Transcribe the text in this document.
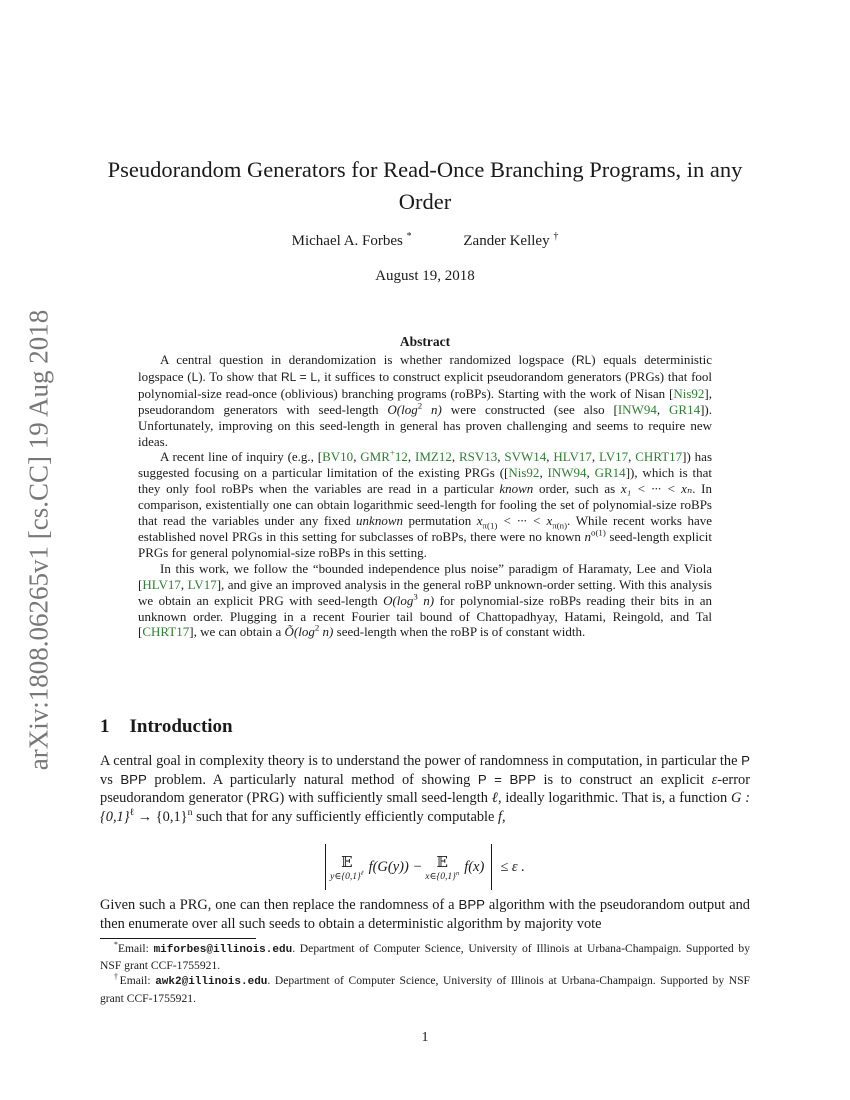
arXiv:1808.06265v1 [cs.CC] 19 Aug 2018
Pseudorandom Generators for Read-Once Branching Programs, in any Order
Michael A. Forbes *	Zander Kelley †
August 19, 2018
Abstract

A central question in derandomization is whether randomized logspace (RL) equals deterministic logspace (L). To show that RL = L, it suffices to construct explicit pseudorandom generators (PRGs) that fool polynomial-size read-once (oblivious) branching programs (roBPs). Starting with the work of Nisan [Nis92], pseudorandom generators with seed-length $O(\log^2$ n) were constructed (see also [INW94, GR14]). Unfortunately, improving on this seed-length in general has proven challenging and seems to require new ideas.

A recent line of inquiry (e.g., [BV10, GMR+12, IMZ12, RSV13, SVW14, HLV17, LV17, CHRT17]) has suggested focusing on a particular limitation of the existing PRGs ([Nis92, INW94, GR14]), which is that they only fool roBPs when the variables are read in a particular known order, such as x₁ < ··· < xₙ. In comparison, existentially one can obtain logarithmic seed-length for fooling the set of polynomial-size roBPs that read the variables under any fixed unknown permutation $x_{\pi(1)}$ < ··· < $x_{\pi(n)}$. While recent works have established novel PRGs in this setting for subclasses of roBPs, there were no known $n^{o(1)}$ seed-length explicit PRGs for general polynomial-size roBPs in this setting.

In this work, we follow the “bounded independence plus noise” paradigm of Haramaty, Lee and Viola [HLV17, LV17], and give an improved analysis in the general roBP unknown-order setting. With this analysis we obtain an explicit PRG with seed-length $O(\log^3$ n) for polynomial-size roBPs reading their bits in an unknown order. Plugging in a recent Fourier tail bound of Chattopadhyay, Hatami, Reingold, and Tal [CHRT17], we can obtain a $Õ(\log^2$ n) seed-length when the roBP is of constant width.

1 Introduction

A central goal in complexity theory is to understand the power of randomness in computation, in particular the P vs BPP problem. A particularly natural method of showing P = BPP is to construct an explicit ε-error pseudorandom generator (PRG) with sufficiently small seed-length ℓ, ideally logarithmic. That is, a function G : $\{0,1\}^\ell \to \{0,1\}^n$ such that for any sufficiently efficiently computable f,

𝔼
$y\in\{0,1\}^\ell$ f(G(y)) − 𝔼
$x\in\{0,1\}^n$ f(x) ≤ ε .

Given such a PRG, one can then replace the randomness of a BPP algorithm with the pseudorandom output and then enumerate over all such seeds to obtain a deterministic algorithm by majority vote

*Email: miforbes@illinois.edu. Department of Computer Science, University of Illinois at Urbana-Champaign. Supported by NSF grant CCF-1755921.

†Email: awk2@illinois.edu. Department of Computer Science, University of Illinois at Urbana-Champaign. Supported by NSF grant CCF-1755921.

1
